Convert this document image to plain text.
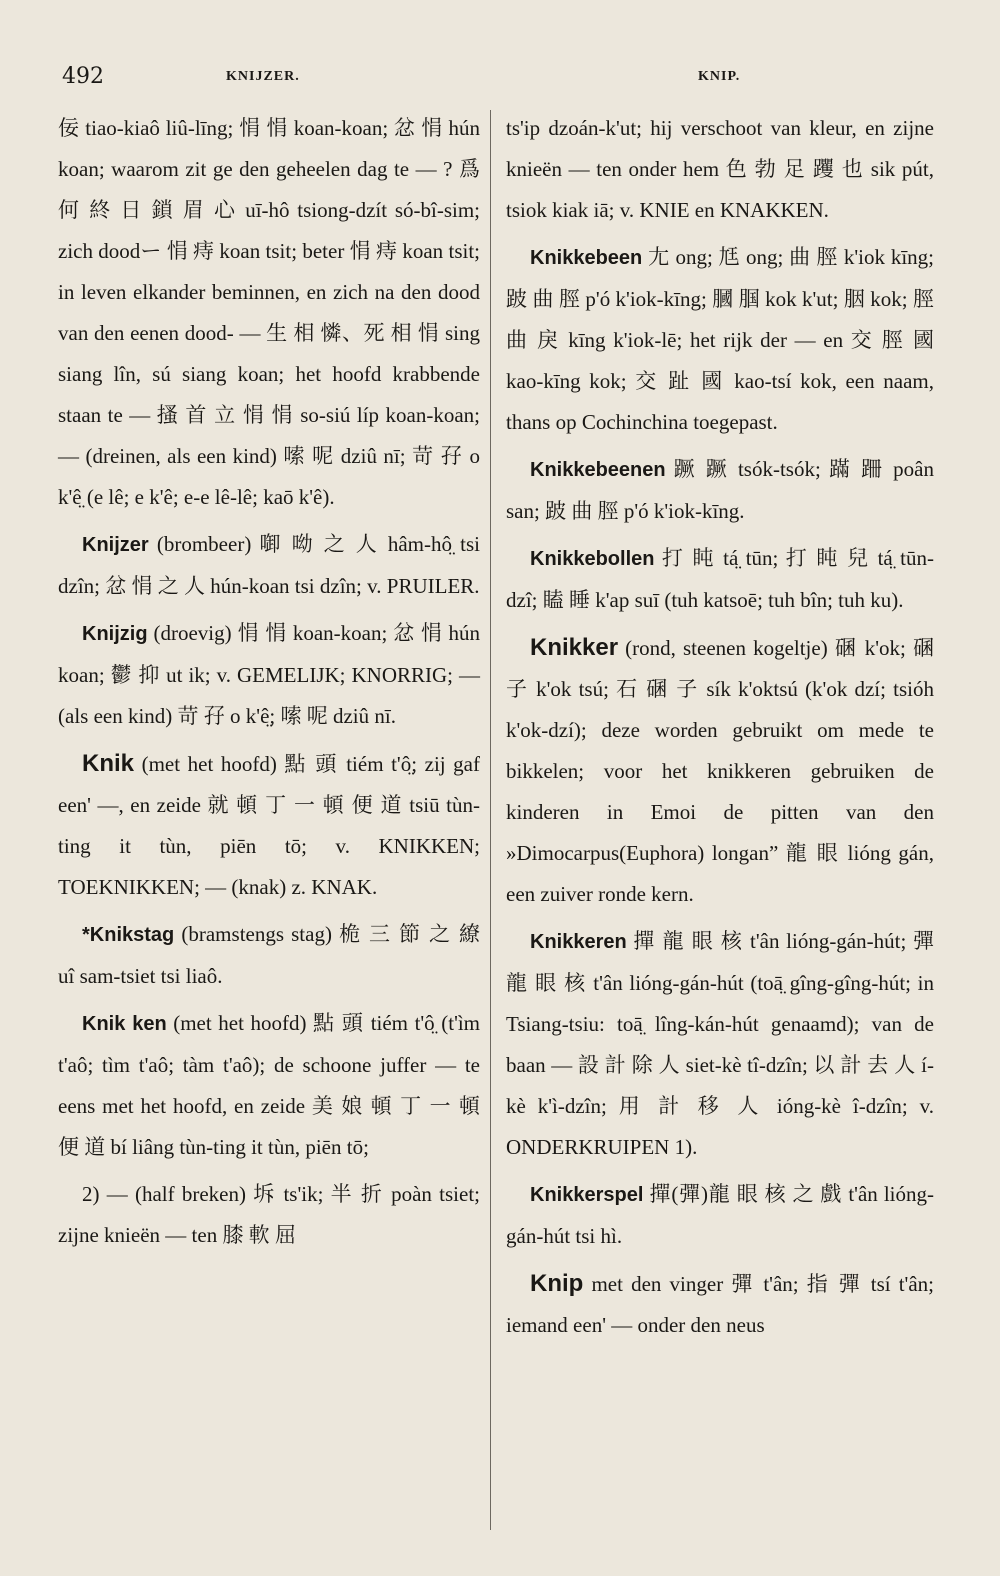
492	KNIJZER.	KNIP.

佞 tiao-kiaô liû-līng; 悁 悁 koan-koan; 忿 悁 hún koan; waarom zit ge den geheelen dag te — ? 爲 何 終 日 鎖 眉 心 uī-hô tsiong-dzít só-bî-sim; zich doodー 悁 痔 koan tsit; beter 悁 痔 koan tsit; in leven elkander beminnen, en zich na den dood van den eenen dood- — 生 相 憐、死 相 悁 sing siang lîn, sú siang koan; het hoofd krabbende staan te — 搔 首 立 悁 悁 so-siú líp koan-koan; — (dreinen, als een kind) 嗦 呢 dziû nī; 苛 孖 o k'ê̤ (e lê; e k'ê; e-e lê-lê; kaō k'ê).

Knijzer (brombeer) 啣 呦 之 人 hâm-hô̤ tsi dzîn; 忿 悁 之 人 hún-koan tsi dzîn; v. PRUILER.

Knijzig (droevig) 悁 悁 koan-koan; 忿 悁 hún koan; 鬱 抑 ut ik; v. GEMELIJK; KNORRIG; — (als een kind) 苛 孖 o k'ê̤; 嗦 呢 dziû nī.

Knik (met het hoofd) 點 頭 tiém t'ô̤; zij gaf een' —, en zeide 就 頓 丁 一 頓 便 道 tsiū tùn-ting it tùn, piēn tō; v. KNIKKEN; TOEKNIKKEN; — (knak) z. KNAK.

*Knikstag (bramstengs stag) 桅 三 節 之 繚 uî sam-tsiet tsi liaô.

Knik ken (met het hoofd) 點 頭 tiém t'ô̤ (t'ìm t'aô; tìm t'aô; tàm t'aô); de schoone juffer — te eens met het hoofd, en zeide 美 娘 頓 丁 一 頓 便 道 bí liâng tùn-ting it tùn, piēn tō;

2) — (half breken) 坼 ts'ik; 半 折 poàn tsiet; zijne knieën — ten 膝 軟 屈

ts'ip dzoán-k'ut; hij verschoot van kleur, en zijne knieën — ten onder hem 色 勃 足 躩 也 sik pút, tsiok kiak iā; v. KNIE en KNAKKEN.

Knikkebeen 尢 ong; 尪 ong; 曲 脛 k'iok kīng; 跛 曲 脛 p'ó k'iok-kīng; 膕 腘 kok k'ut; 胭 kok; 脛 曲 戾 kīng k'iok-lē; het rijk der — en 交 脛 國 kao-kīng kok; 交 趾 國 kao-tsí kok, een naam, thans op Cochinchina toegepast.

Knikkebeenen 蹶 蹶 tsók-tsók; 蹣 跚 poân san; 跛 曲 脛 p'ó k'iok-kīng.

Knikkebollen 打 盹 tá̤ tūn; 打 盹 兒 tá̤ tūn-dzî; 瞌 睡 k'ap suī (tuh katsoē; tuh bîn; tuh ku).

Knikker (rond, steenen kogeltje) 碅 k'ok; 碅 子 k'ok tsú; 石 碅 子 sík k'oktsú (k'ok dzí; tsióh k'ok-dzí); deze worden gebruikt om mede te bikkelen; voor het knikkeren gebruiken de kinderen in Emoi de pitten van den »Dimocarpus(Euphora) longan” 龍 眼 lióng gán, een zuiver ronde kern.

Knikkeren 撣 龍 眼 核 t'ân lióng-gán-hút; 彈 龍 眼 核 t'ân lióng-gán-hút (toā̤ gîng-gîng-hút; in Tsiang-tsiu: toā̤ lîng-kán-hút genaamd); van de baan — 設 計 除 人 siet-kè tî-dzîn; 以 計 去 人 í-kè k'ì-dzîn; 用 計 移 人 ióng-kè î-dzîn; v. ONDERKRUIPEN 1).

Knikkerspel 撣(彈)龍 眼 核 之 戲 t'ân lióng-gán-hút tsi hì.

Knip met den vinger 彈 t'ân; 指 彈 tsí t'ân; iemand een' — onder den neus
